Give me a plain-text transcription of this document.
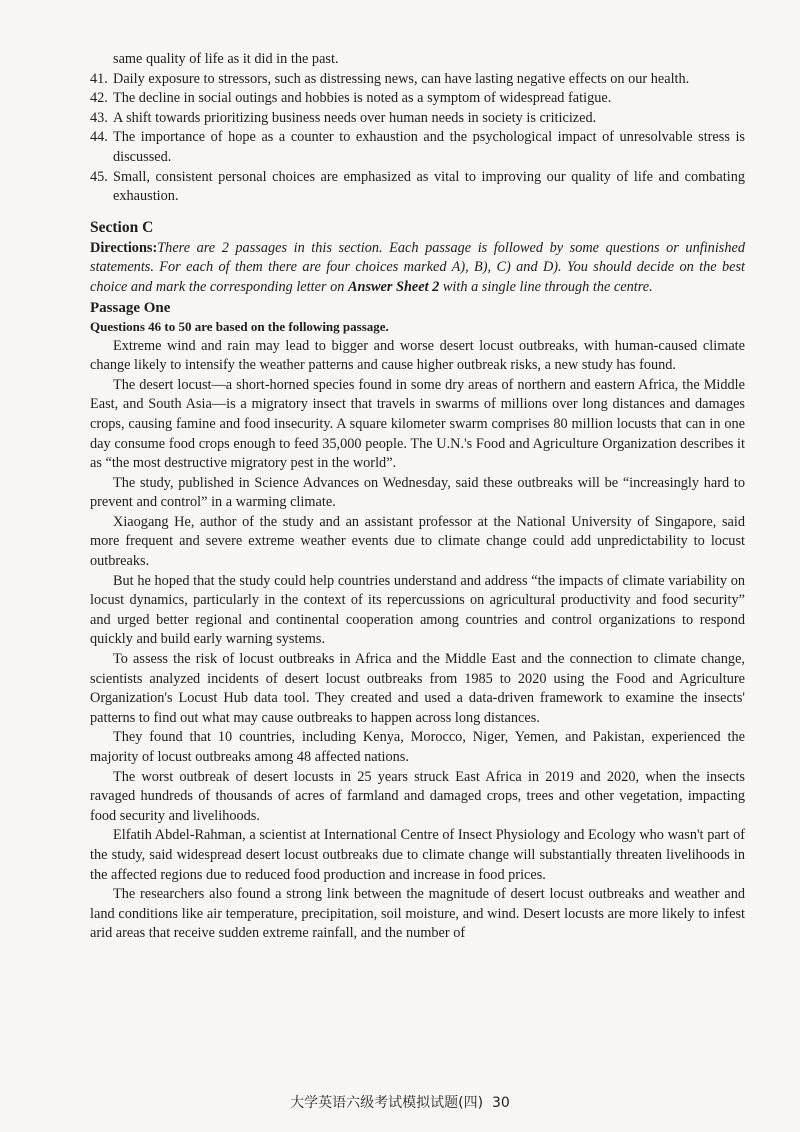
same quality of life as it did in the past.
41. Daily exposure to stressors, such as distressing news, can have lasting negative effects on our health.
42. The decline in social outings and hobbies is noted as a symptom of widespread fatigue.
43. A shift towards prioritizing business needs over human needs in society is criticized.
44. The importance of hope as a counter to exhaustion and the psychological impact of unresolvable stress is discussed.
45. Small, consistent personal choices are emphasized as vital to improving our quality of life and combating exhaustion.
Section C
Directions:There are 2 passages in this section. Each passage is followed by some questions or unfinished statements. For each of them there are four choices marked A), B), C) and D). You should decide on the best choice and mark the corresponding letter on Answer Sheet 2 with a single line through the centre.
Passage One

Questions 46 to 50 are based on the following passage.

Extreme wind and rain may lead to bigger and worse desert locust outbreaks, with human-caused climate change likely to intensify the weather patterns and cause higher outbreak risks, a new study has found.

The desert locust—a short-horned species found in some dry areas of northern and eastern Africa, the Middle East, and South Asia—is a migratory insect that travels in swarms of millions over long distances and damages crops, causing famine and food insecurity. A square kilometer swarm comprises 80 million locusts that can in one day consume food crops enough to feed 35,000 people. The U.N.'s Food and Agriculture Organization describes it as “the most destructive migratory pest in the world”.

The study, published in Science Advances on Wednesday, said these outbreaks will be “increasingly hard to prevent and control” in a warming climate.

Xiaogang He, author of the study and an assistant professor at the National University of Singapore, said more frequent and severe extreme weather events due to climate change could add unpredictability to locust outbreaks.

But he hoped that the study could help countries understand and address “the impacts of climate variability on locust dynamics, particularly in the context of its repercussions on agricultural productivity and food security” and urged better regional and continental cooperation among countries and control organizations to respond quickly and build early warning systems.

To assess the risk of locust outbreaks in Africa and the Middle East and the connection to climate change, scientists analyzed incidents of desert locust outbreaks from 1985 to 2020 using the Food and Agriculture Organization's Locust Hub data tool. They created and used a data-driven framework to examine the insects' patterns to find out what may cause outbreaks to happen across long distances.

They found that 10 countries, including Kenya, Morocco, Niger, Yemen, and Pakistan, experienced the majority of locust outbreaks among 48 affected nations.

The worst outbreak of desert locusts in 25 years struck East Africa in 2019 and 2020, when the insects ravaged hundreds of thousands of acres of farmland and damaged crops, trees and other vegetation, impacting food security and livelihoods.

Elfatih Abdel-Rahman, a scientist at International Centre of Insect Physiology and Ecology who wasn't part of the study, said widespread desert locust outbreaks due to climate change will substantially threaten livelihoods in the affected regions due to reduced food production and increase in food prices.

The researchers also found a strong link between the magnitude of desert locust outbreaks and weather and land conditions like air temperature, precipitation, soil moisture, and wind. Desert locusts are more likely to infest arid areas that receive sudden extreme rainfall, and the number of

大学英语六级考试模拟试题(四) 30
